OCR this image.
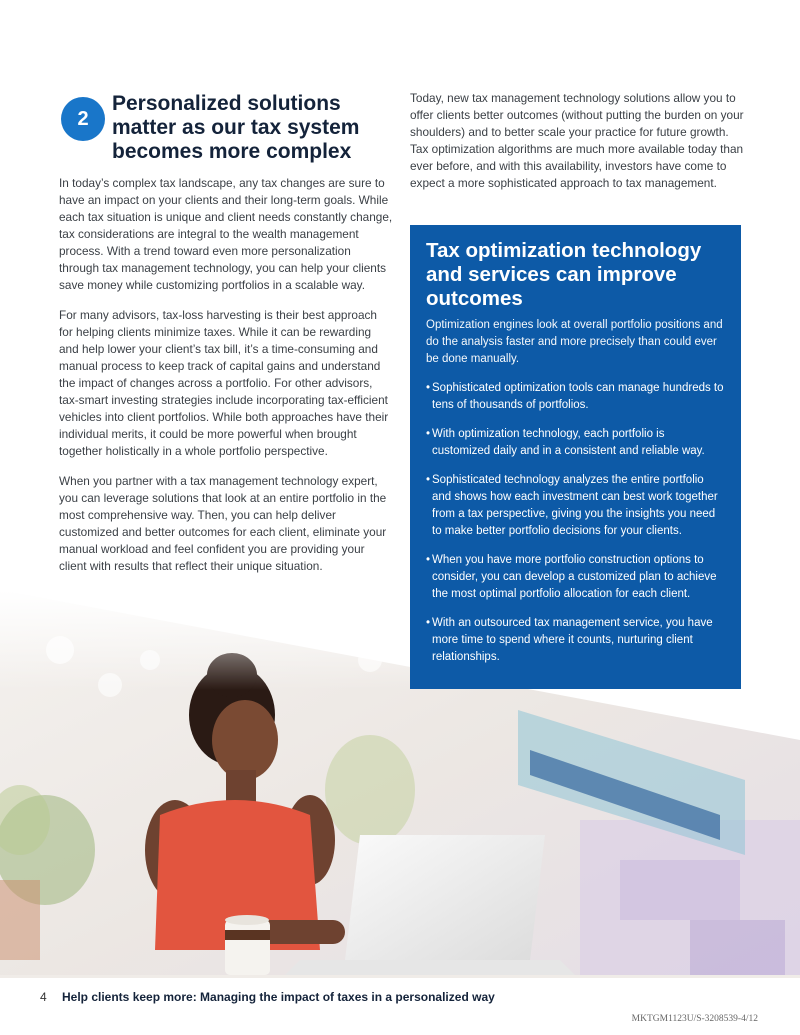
2
Personalized solutions matter as our tax system becomes more complex

In today’s complex tax landscape, any tax changes are sure to have an impact on your clients and their long-term goals. While each tax situation is unique and client needs constantly change, tax considerations are integral to the wealth management process. With a trend toward even more personalization through tax management technology, you can help your clients save money while customizing portfolios in a scalable way.

For many advisors, tax-loss harvesting is their best approach for helping clients minimize taxes. While it can be rewarding and help lower your client’s tax bill, it’s a time-consuming and manual process to keep track of capital gains and understand the impact of changes across a portfolio. For other advisors, tax-smart investing strategies include incorporating tax-efficient vehicles into client portfolios. While both approaches have their individual merits, it could be more powerful when brought together holistically in a whole portfolio perspective.

When you partner with a tax management technology expert, you can leverage solutions that look at an entire portfolio in the most comprehensive way. Then, you can help deliver customized and better outcomes for each client, eliminate your manual workload and feel confident you are providing your client with results that reflect their unique situation.

Today, new tax management technology solutions allow you to offer clients better outcomes (without putting the burden on your shoulders) and to better scale your practice for future growth. Tax optimization algorithms are much more available today than ever before, and with this availability, investors have come to expect a more sophisticated approach to tax management.

Tax optimization technology and services can improve outcomes

Optimization engines look at overall portfolio positions and do the analysis faster and more precisely than could ever be done manually.

• Sophisticated optimization tools can manage hundreds to tens of thousands of portfolios.
• With optimization technology, each portfolio is customized daily and in a consistent and reliable way.
• Sophisticated technology analyzes the entire portfolio and shows how each investment can best work together from a tax perspective, giving you the insights you need to make better portfolio decisions for your clients.
• When you have more portfolio construction options to consider, you can develop a customized plan to achieve the most optimal portfolio allocation for each client.
• With an outsourced tax management service, you have more time to spend where it counts, nurturing client relationships.
4 Help clients keep more: Managing the impact of taxes in a personalized way
MKTGM1123U/S-3208539-4/12
